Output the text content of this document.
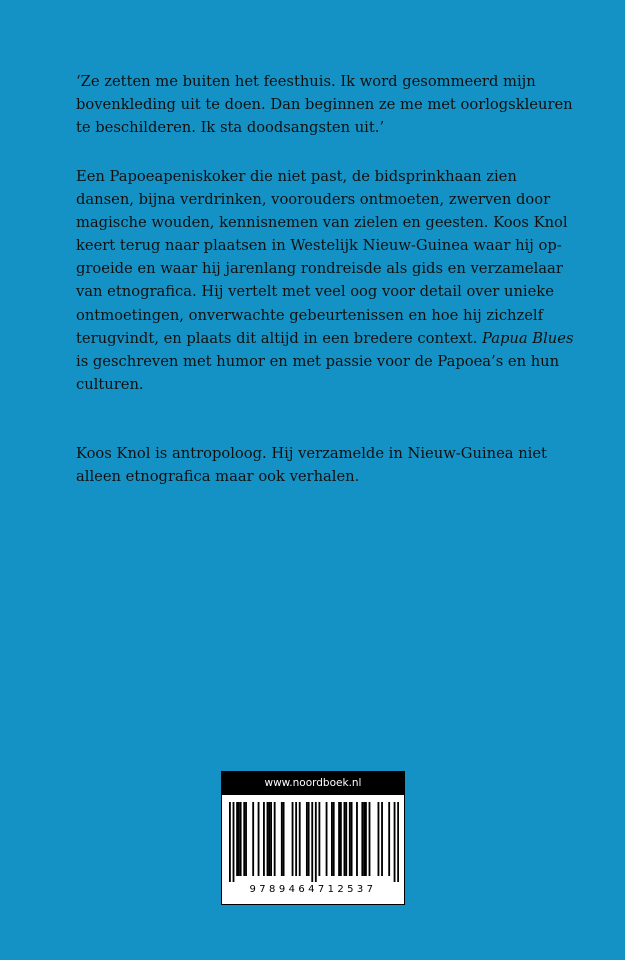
‘Ze zetten me buiten het feesthuis. Ik word gesommeerd mijn
bovenkleding uit te doen. Dan beginnen ze me met oorlogskleuren
te beschilderen. Ik sta doodsangsten uit.’
Een Papoeapeniskoker die niet past, de bidsprinkhaan zien
dansen, bijna verdrinken, voorouders ontmoeten, zwerven door
magische wouden, kennisnemen van zielen en geesten. Koos Knol
keert terug naar plaatsen in Westelijk Nieuw-Guinea waar hij op-
groeide en waar hij jarenlang rondreisde als gids en verzamelaar
van etnografica. Hij vertelt met veel oog voor detail over unieke
ontmoetingen, onverwachte gebeurtenissen en hoe hij zichzelf
terugvindt, en plaats dit altijd in een bredere context. Papua Blues
is geschreven met humor en met passie voor de Papoea’s en hun
culturen.
Koos Knol is antropoloog. Hij verzamelde in Nieuw-Guinea niet
alleen etnografica maar ook verhalen.
www.noordboek.nl
9789464712537
